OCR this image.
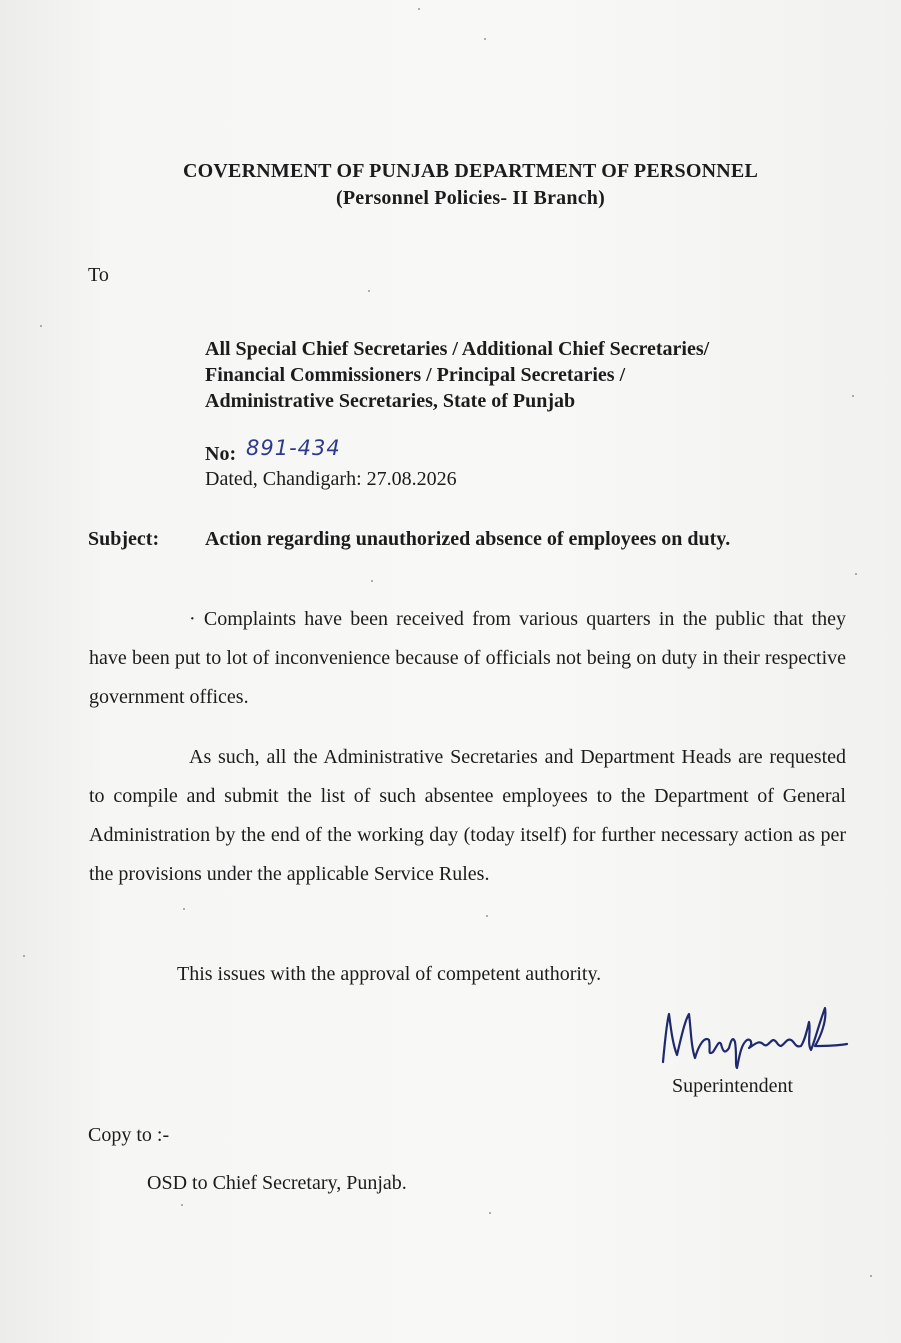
COVERNMENT OF PUNJAB DEPARTMENT OF PERSONNEL
(Personnel Policies- II Branch)
To
All Special Chief Secretaries / Additional Chief Secretaries/
Financial Commissioners / Principal Secretaries /
Administrative Secretaries, State of Punjab
No: 891-434
Dated, Chandigarh: 27.08.2026
Subject: Action regarding unauthorized absence of employees on duty.
· Complaints have been received from various quarters in the public that they have been put to lot of inconvenience because of officials not being on duty in their respective government offices.
As such, all the Administrative Secretaries and Department Heads are requested to compile and submit the list of such absentee employees to the Department of General Administration by the end of the working day (today itself) for further necessary action as per the provisions under the applicable Service Rules.
This issues with the approval of competent authority.
Superintendent
Copy to :-
OSD to Chief Secretary, Punjab.
